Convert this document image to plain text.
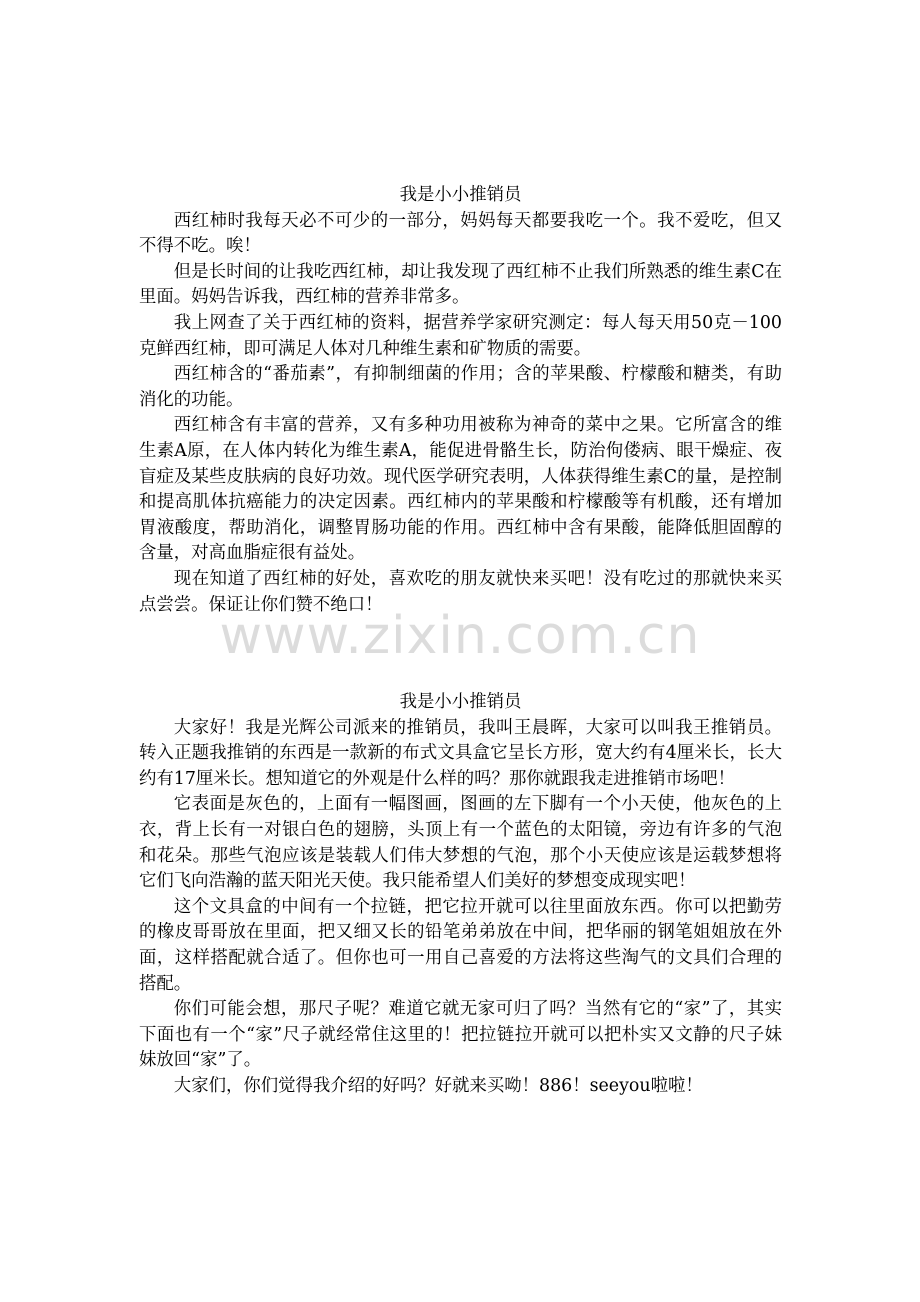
我是小小推销员

西红柿时我每天必不可少的一部分，妈妈每天都要我吃一个。我不爱吃，但又不得不吃。唉！

但是长时间的让我吃西红柿，却让我发现了西红柿不止我们所熟悉的维生素C在里面。妈妈告诉我，西红柿的营养非常多。

我上网查了关于西红柿的资料，据营养学家研究测定：每人每天用50克－100克鲜西红柿，即可满足人体对几种维生素和矿物质的需要。

西红柿含的“番茄素”，有抑制细菌的作用；含的苹果酸、柠檬酸和糖类，有助消化的功能。

西红柿含有丰富的营养，又有多种功用被称为神奇的菜中之果。它所富含的维生素A原，在人体内转化为维生素A，能促进骨骼生长，防治佝偻病、眼干燥症、夜盲症及某些皮肤病的良好功效。现代医学研究表明，人体获得维生素C的量，是控制和提高肌体抗癌能力的决定因素。西红柿内的苹果酸和柠檬酸等有机酸，还有增加胃液酸度，帮助消化，调整胃肠功能的作用。西红柿中含有果酸，能降低胆固醇的含量，对高血脂症很有益处。

现在知道了西红柿的好处，喜欢吃的朋友就快来买吧！没有吃过的那就快来买点尝尝。保证让你们赞不绝口！

www.zixin.com.cn
我是小小推销员

大家好！我是光辉公司派来的推销员，我叫王晨晖，大家可以叫我王推销员。转入正题我推销的东西是一款新的布式文具盒它呈长方形，宽大约有4厘米长，长大约有17厘米长。想知道它的外观是什么样的吗？那你就跟我走进推销市场吧！

它表面是灰色的，上面有一幅图画，图画的左下脚有一个小天使，他灰色的上衣，背上长有一对银白色的翅膀，头顶上有一个蓝色的太阳镜，旁边有许多的气泡和花朵。那些气泡应该是装载人们伟大梦想的气泡，那个小天使应该是运载梦想将它们飞向浩瀚的蓝天阳光天使。我只能希望人们美好的梦想变成现实吧！

这个文具盒的中间有一个拉链，把它拉开就可以往里面放东西。你可以把勤劳的橡皮哥哥放在里面，把又细又长的铅笔弟弟放在中间，把华丽的钢笔姐姐放在外面，这样搭配就合适了。但你也可一用自己喜爱的方法将这些淘气的文具们合理的搭配。

你们可能会想，那尺子呢？难道它就无家可归了吗？当然有它的“家”了，其实下面也有一个“家”尺子就经常住这里的！把拉链拉开就可以把朴实又文静的尺子妹妹放回“家”了。

大家们，你们觉得我介绍的好吗？好就来买呦！886！seeyou啦啦！
